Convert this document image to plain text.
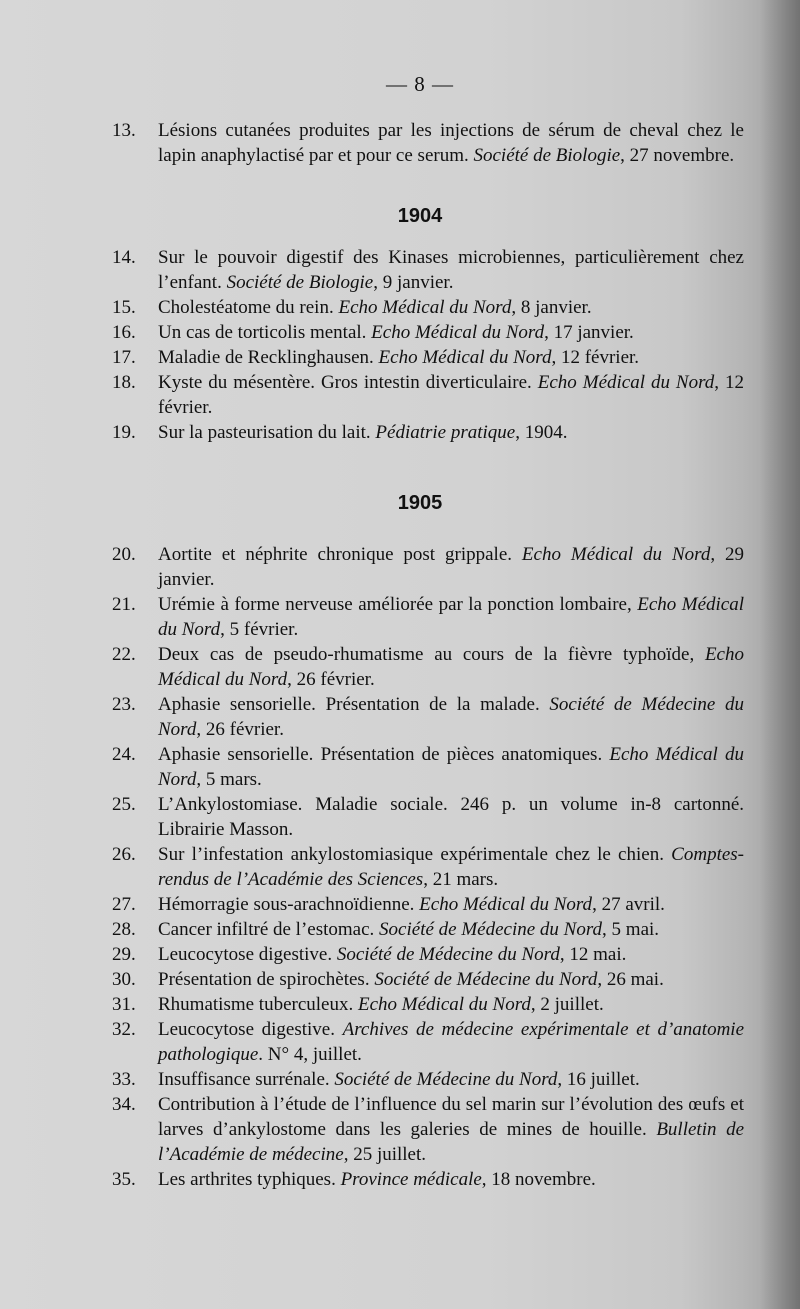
— 8 —
13.	Lésions cutanées produites par les injections de sérum de cheval chez le lapin anaphylactisé par et pour ce serum. Société de Biologie, 27 novembre.
1904
14.	Sur le pouvoir digestif des Kinases microbiennes, particulièrement chez l’enfant. Société de Biologie, 9 janvier.
15.	Cholestéatome du rein. Echo Médical du Nord, 8 janvier.
16.	Un cas de torticolis mental. Echo Médical du Nord, 17 janvier.
17.	Maladie de Recklinghausen. Echo Médical du Nord, 12 février.
18.	Kyste du mésentère. Gros intestin diverticulaire. Echo Médical du Nord, 12 février.
19.	Sur la pasteurisation du lait. Pédiatrie pratique, 1904.
1905
20.	Aortite et néphrite chronique post grippale. Echo Médical du Nord, 29 janvier.
21.	Urémie à forme nerveuse améliorée par la ponction lombaire, Echo Médical du Nord, 5 février.
22.	Deux cas de pseudo-rhumatisme au cours de la fièvre typhoïde, Echo Médical du Nord, 26 février.
23.	Aphasie sensorielle. Présentation de la malade. Société de Médecine du Nord, 26 février.
24.	Aphasie sensorielle. Présentation de pièces anatomiques. Echo Médical du Nord, 5 mars.
25.	L’Ankylostomiase. Maladie sociale. 246 p. un volume in-8 cartonné. Librairie Masson.
26.	Sur l’infestation ankylostomiasique expérimentale chez le chien. Comptes-rendus de l’Académie des Sciences, 21 mars.
27.	Hémorragie sous-arachnoïdienne. Echo Médical du Nord, 27 avril.
28.	Cancer infiltré de l’estomac. Société de Médecine du Nord, 5 mai.
29.	Leucocytose digestive. Société de Médecine du Nord, 12 mai.
30.	Présentation de spirochètes. Société de Médecine du Nord, 26 mai.
31.	Rhumatisme tuberculeux. Echo Médical du Nord, 2 juillet.
32.	Leucocytose digestive. Archives de médecine expérimentale et d’anatomie pathologique. N° 4, juillet.
33.	Insuffisance surrénale. Société de Médecine du Nord, 16 juillet.
34.	Contribution à l’étude de l’influence du sel marin sur l’évolution des œufs et larves d’ankylostome dans les galeries de mines de houille. Bulletin de l’Académie de médecine, 25 juillet.
35.	Les arthrites typhiques. Province médicale, 18 novembre.
